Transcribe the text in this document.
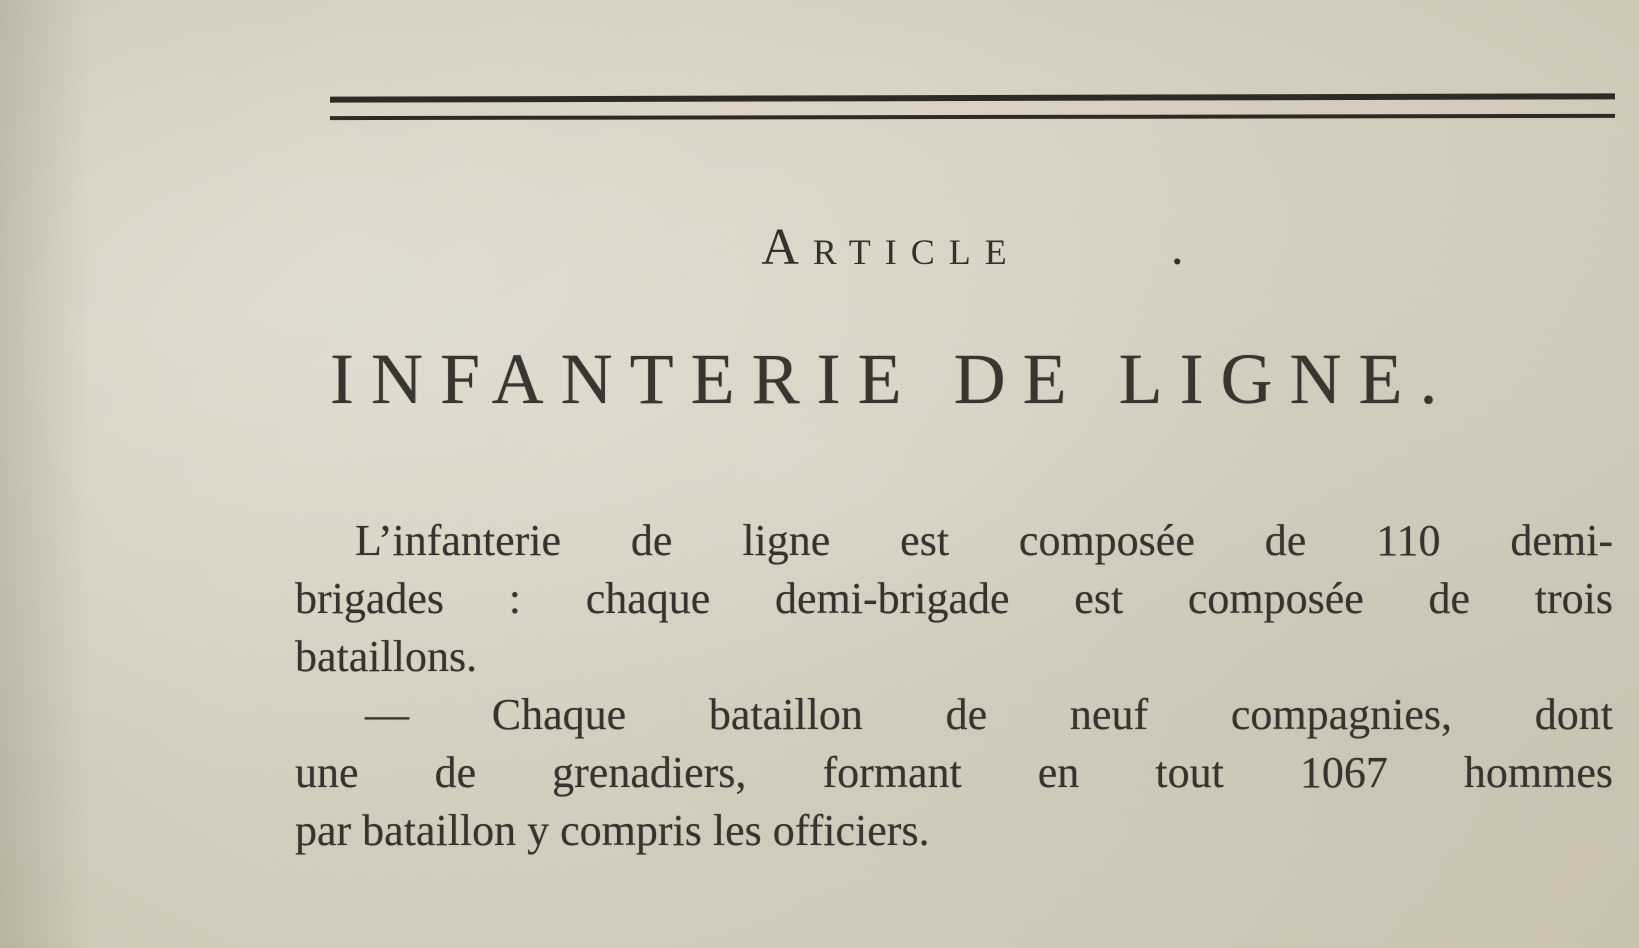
Article	.
INFANTERIE DE LIGNE.
L’infanterie de ligne est composée de 110 demi-
brigades : chaque demi-brigade est composée de trois
bataillons.
— Chaque bataillon de neuf compagnies, dont
une de grenadiers, formant en tout 1067 hommes
par bataillon y compris les officiers.
